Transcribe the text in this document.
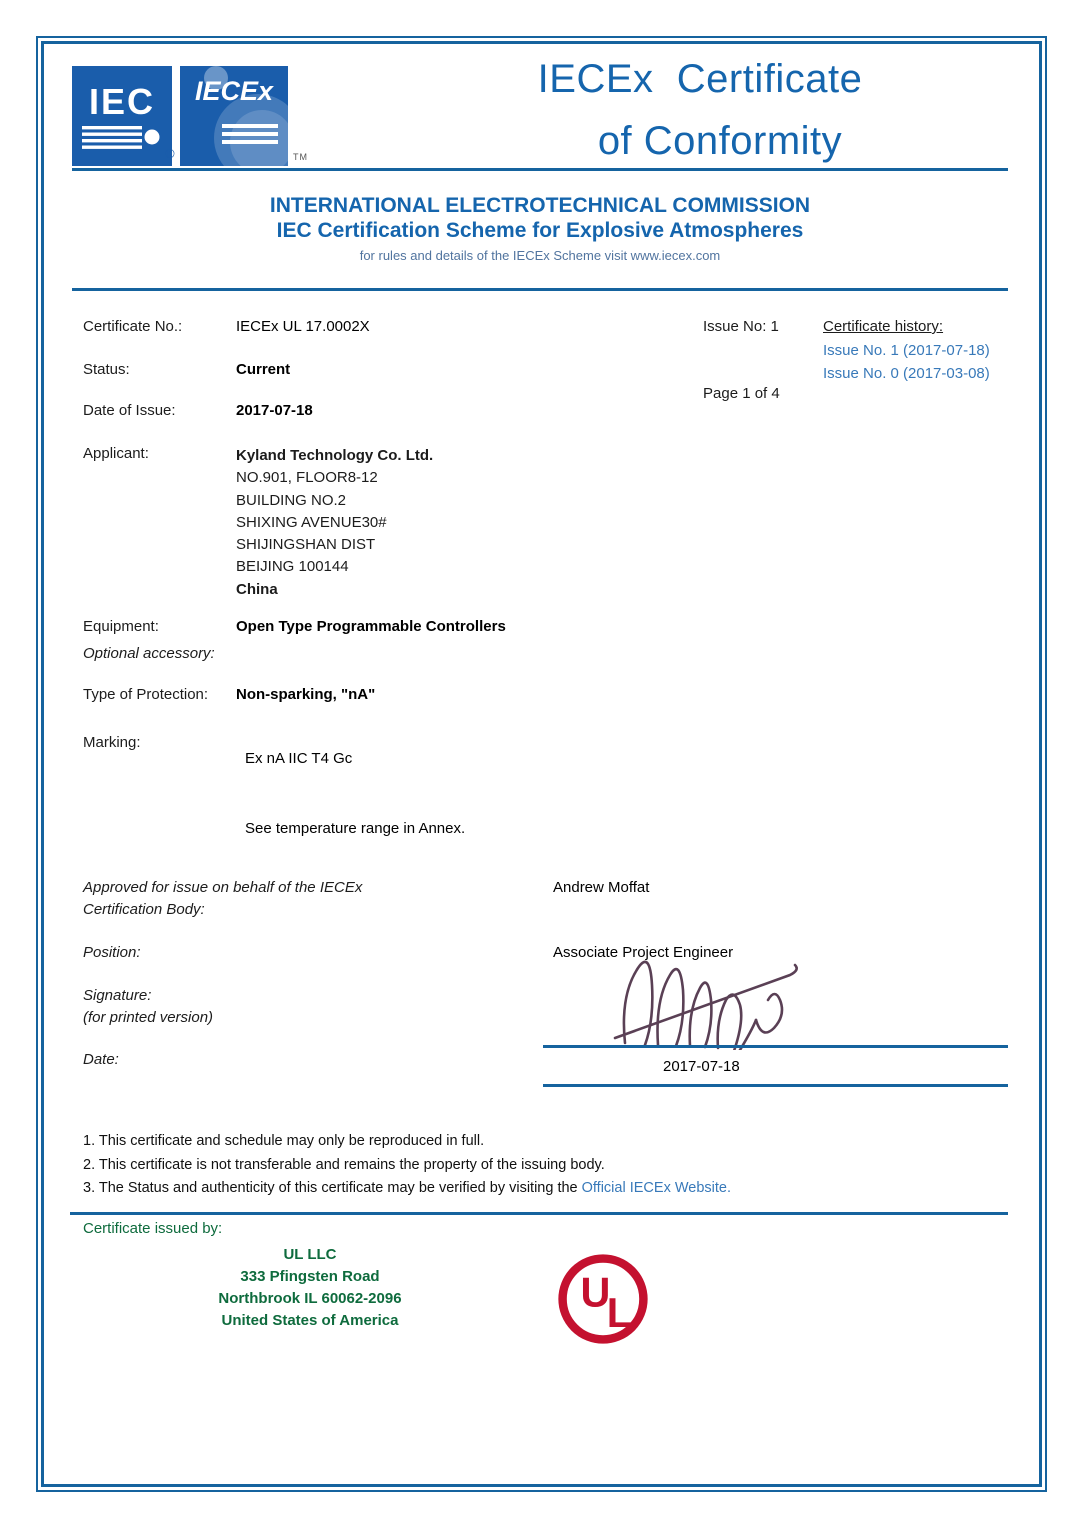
IEC IECEx
®	TM
IECEx  Certificate
of Conformity
INTERNATIONAL ELECTROTECHNICAL COMMISSION
IEC Certification Scheme for Explosive Atmospheres
for rules and details of the IECEx Scheme visit www.iecex.com
Certificate No.:	IECEx UL 17.0002X	Issue No: 1	Certificate history:
Issue No. 1 (2017-07-18)
Issue No. 0 (2017-03-08)
Status:	Current
Page 1 of 4
Date of Issue:	2017-07-18
Applicant:	Kyland Technology Co. Ltd.
NO.901, FLOOR8-12
BUILDING NO.2
SHIXING AVENUE30#
SHIJINGSHAN DIST
BEIJING 100144
China
Equipment:	Open Type Programmable Controllers
Optional accessory:
Type of Protection: Non-sparking, "nA"
Marking:
Ex nA IIC T4 Gc
See temperature range in Annex.
Approved for issue on behalf of the IECEx
Certification Body:
Andrew Moffat
Position:	Associate Project Engineer
Signature:
(for printed version)
Date:	2017-07-18
1. This certificate and schedule may only be reproduced in full.
2. This certificate is not transferable and remains the property of the issuing body.
3. The Status and authenticity of this certificate may be verified by visiting the Official IECEx Website.
Certificate issued by:
UL LLC
333 Pfingsten Road
Northbrook IL 60062-2096
United States of America
U
L
